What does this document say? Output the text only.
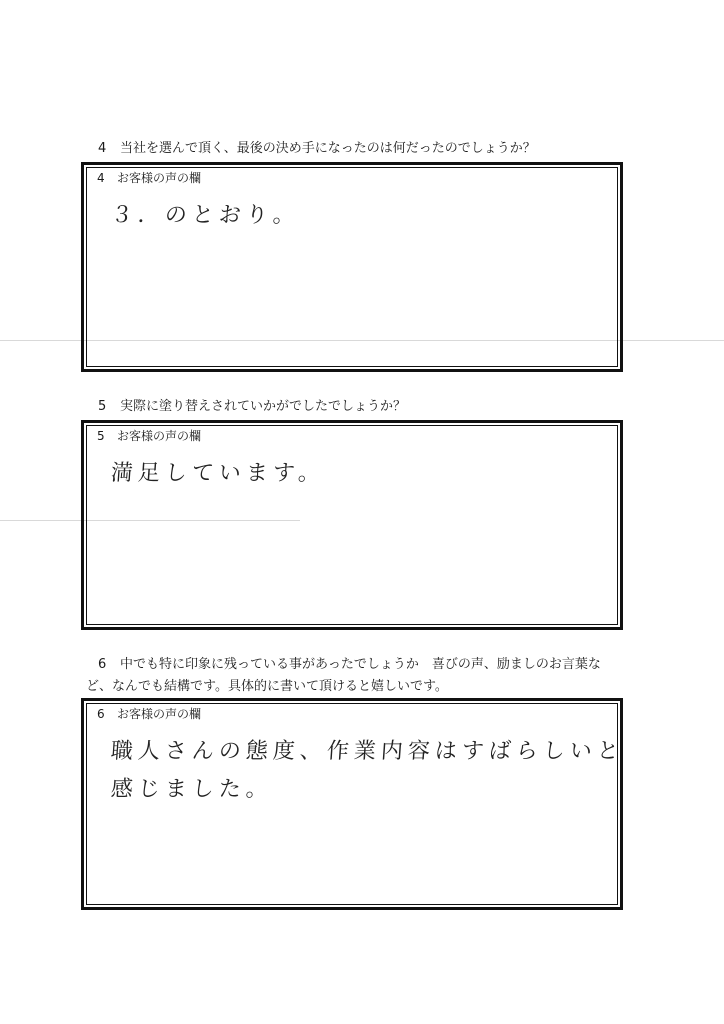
4 当社を選んで頂く、最後の決め手になったのは何だったのでしょうか？
4 お客様の声の欄
３．のとおり。
5 実際に塗り替えされていかがでしたでしょうか？
5 お客様の声の欄
満足しています。
6 中でも特に印象に残っている事があったでしょうか　喜びの声、励ましのお言葉な
ど、なんでも結構です。具体的に書いて頂けると嬉しいです。
6 お客様の声の欄
職人さんの態度、作業内容はすばらしいと
感じました。
